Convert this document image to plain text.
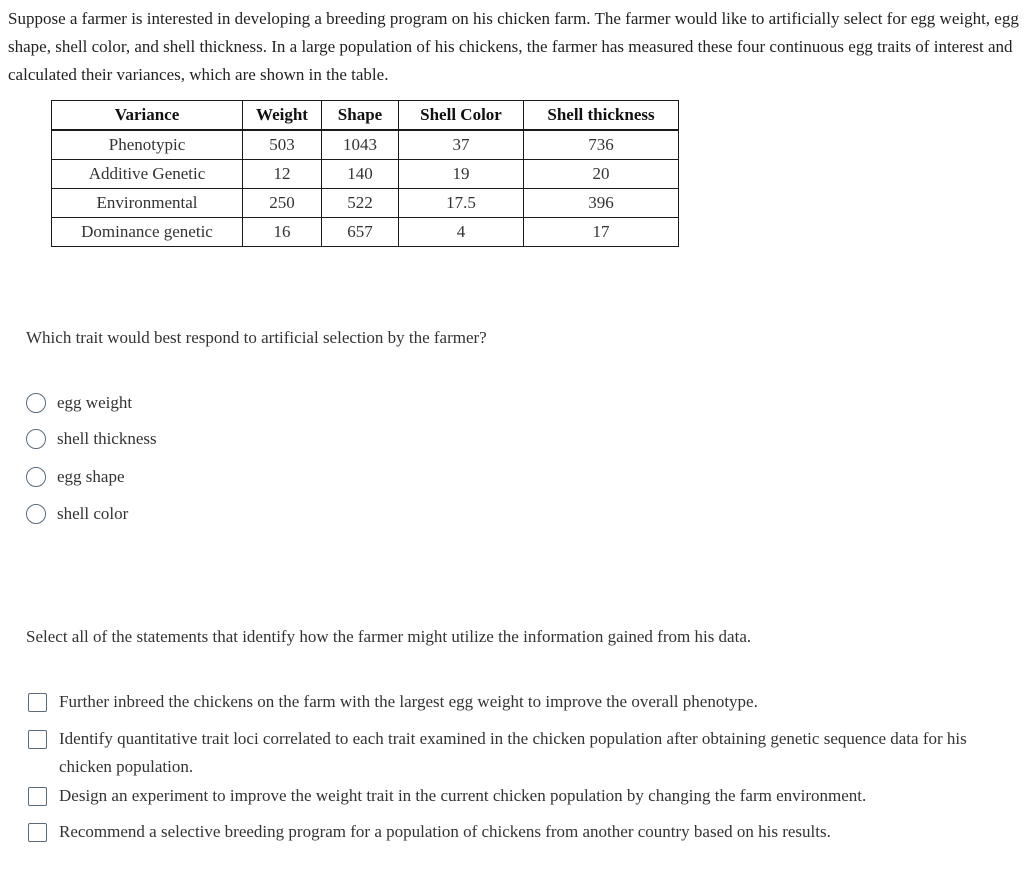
Suppose a farmer is interested in developing a breeding program on his chicken farm. The farmer would like to artificially select for egg weight, egg shape, shell color, and shell thickness. In a large population of his chickens, the farmer has measured these four continuous egg traits of interest and calculated their variances, which are shown in the table.

Variance	Weight	Shape	Shell Color	Shell thickness
Phenotypic	503	1043	37	736
Additive Genetic	12	140	19	20
Environmental	250	522	17.5	396
Dominance genetic	16	657	4	17

Which trait would best respond to artificial selection by the farmer?

egg weight
shell thickness
egg shape
shell color

Select all of the statements that identify how the farmer might utilize the information gained from his data.

Further inbreed the chickens on the farm with the largest egg weight to improve the overall phenotype.
Identify quantitative trait loci correlated to each trait examined in the chicken population after obtaining genetic sequence data for his chicken population.
Design an experiment to improve the weight trait in the current chicken population by changing the farm environment.
Recommend a selective breeding program for a population of chickens from another country based on his results.
